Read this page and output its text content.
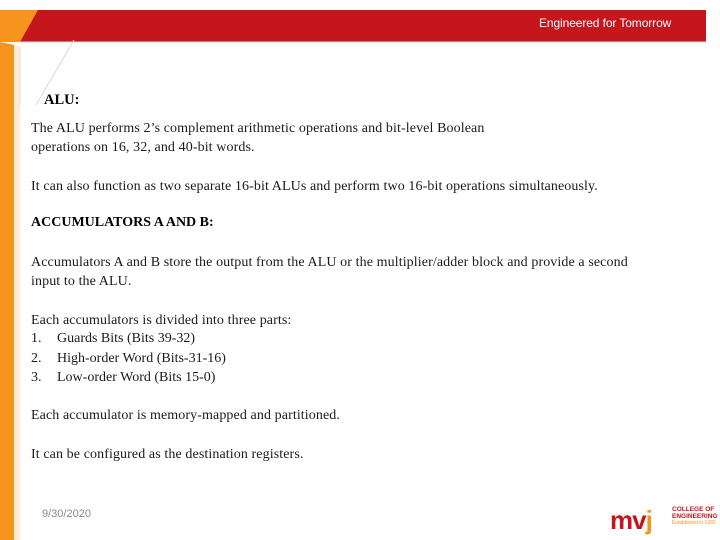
Engineered for Tomorrow
ALU:

The ALU performs 2’s complement arithmetic operations and bit-level Boolean

operations on 16, 32, and 40-bit words.

It can also function as two separate 16-bit ALUs and perform two 16-bit operations simultaneously.

ACCUMULATORS A AND B:

Accumulators A and B store the output from the ALU or the multiplier/adder block and provide a second

input to the ALU.

Each accumulators is divided into three parts:

1. Guards Bits (Bits 39-32)
2. High-order Word (Bits-31-16)
3. Low-order Word (Bits 15-0)

Each accumulator is memory-mapped and partitioned.

It can be configured as the destination registers.

9/30/2020	mvj	COLLEGE OF
ENGINEERING
Established in 1982
